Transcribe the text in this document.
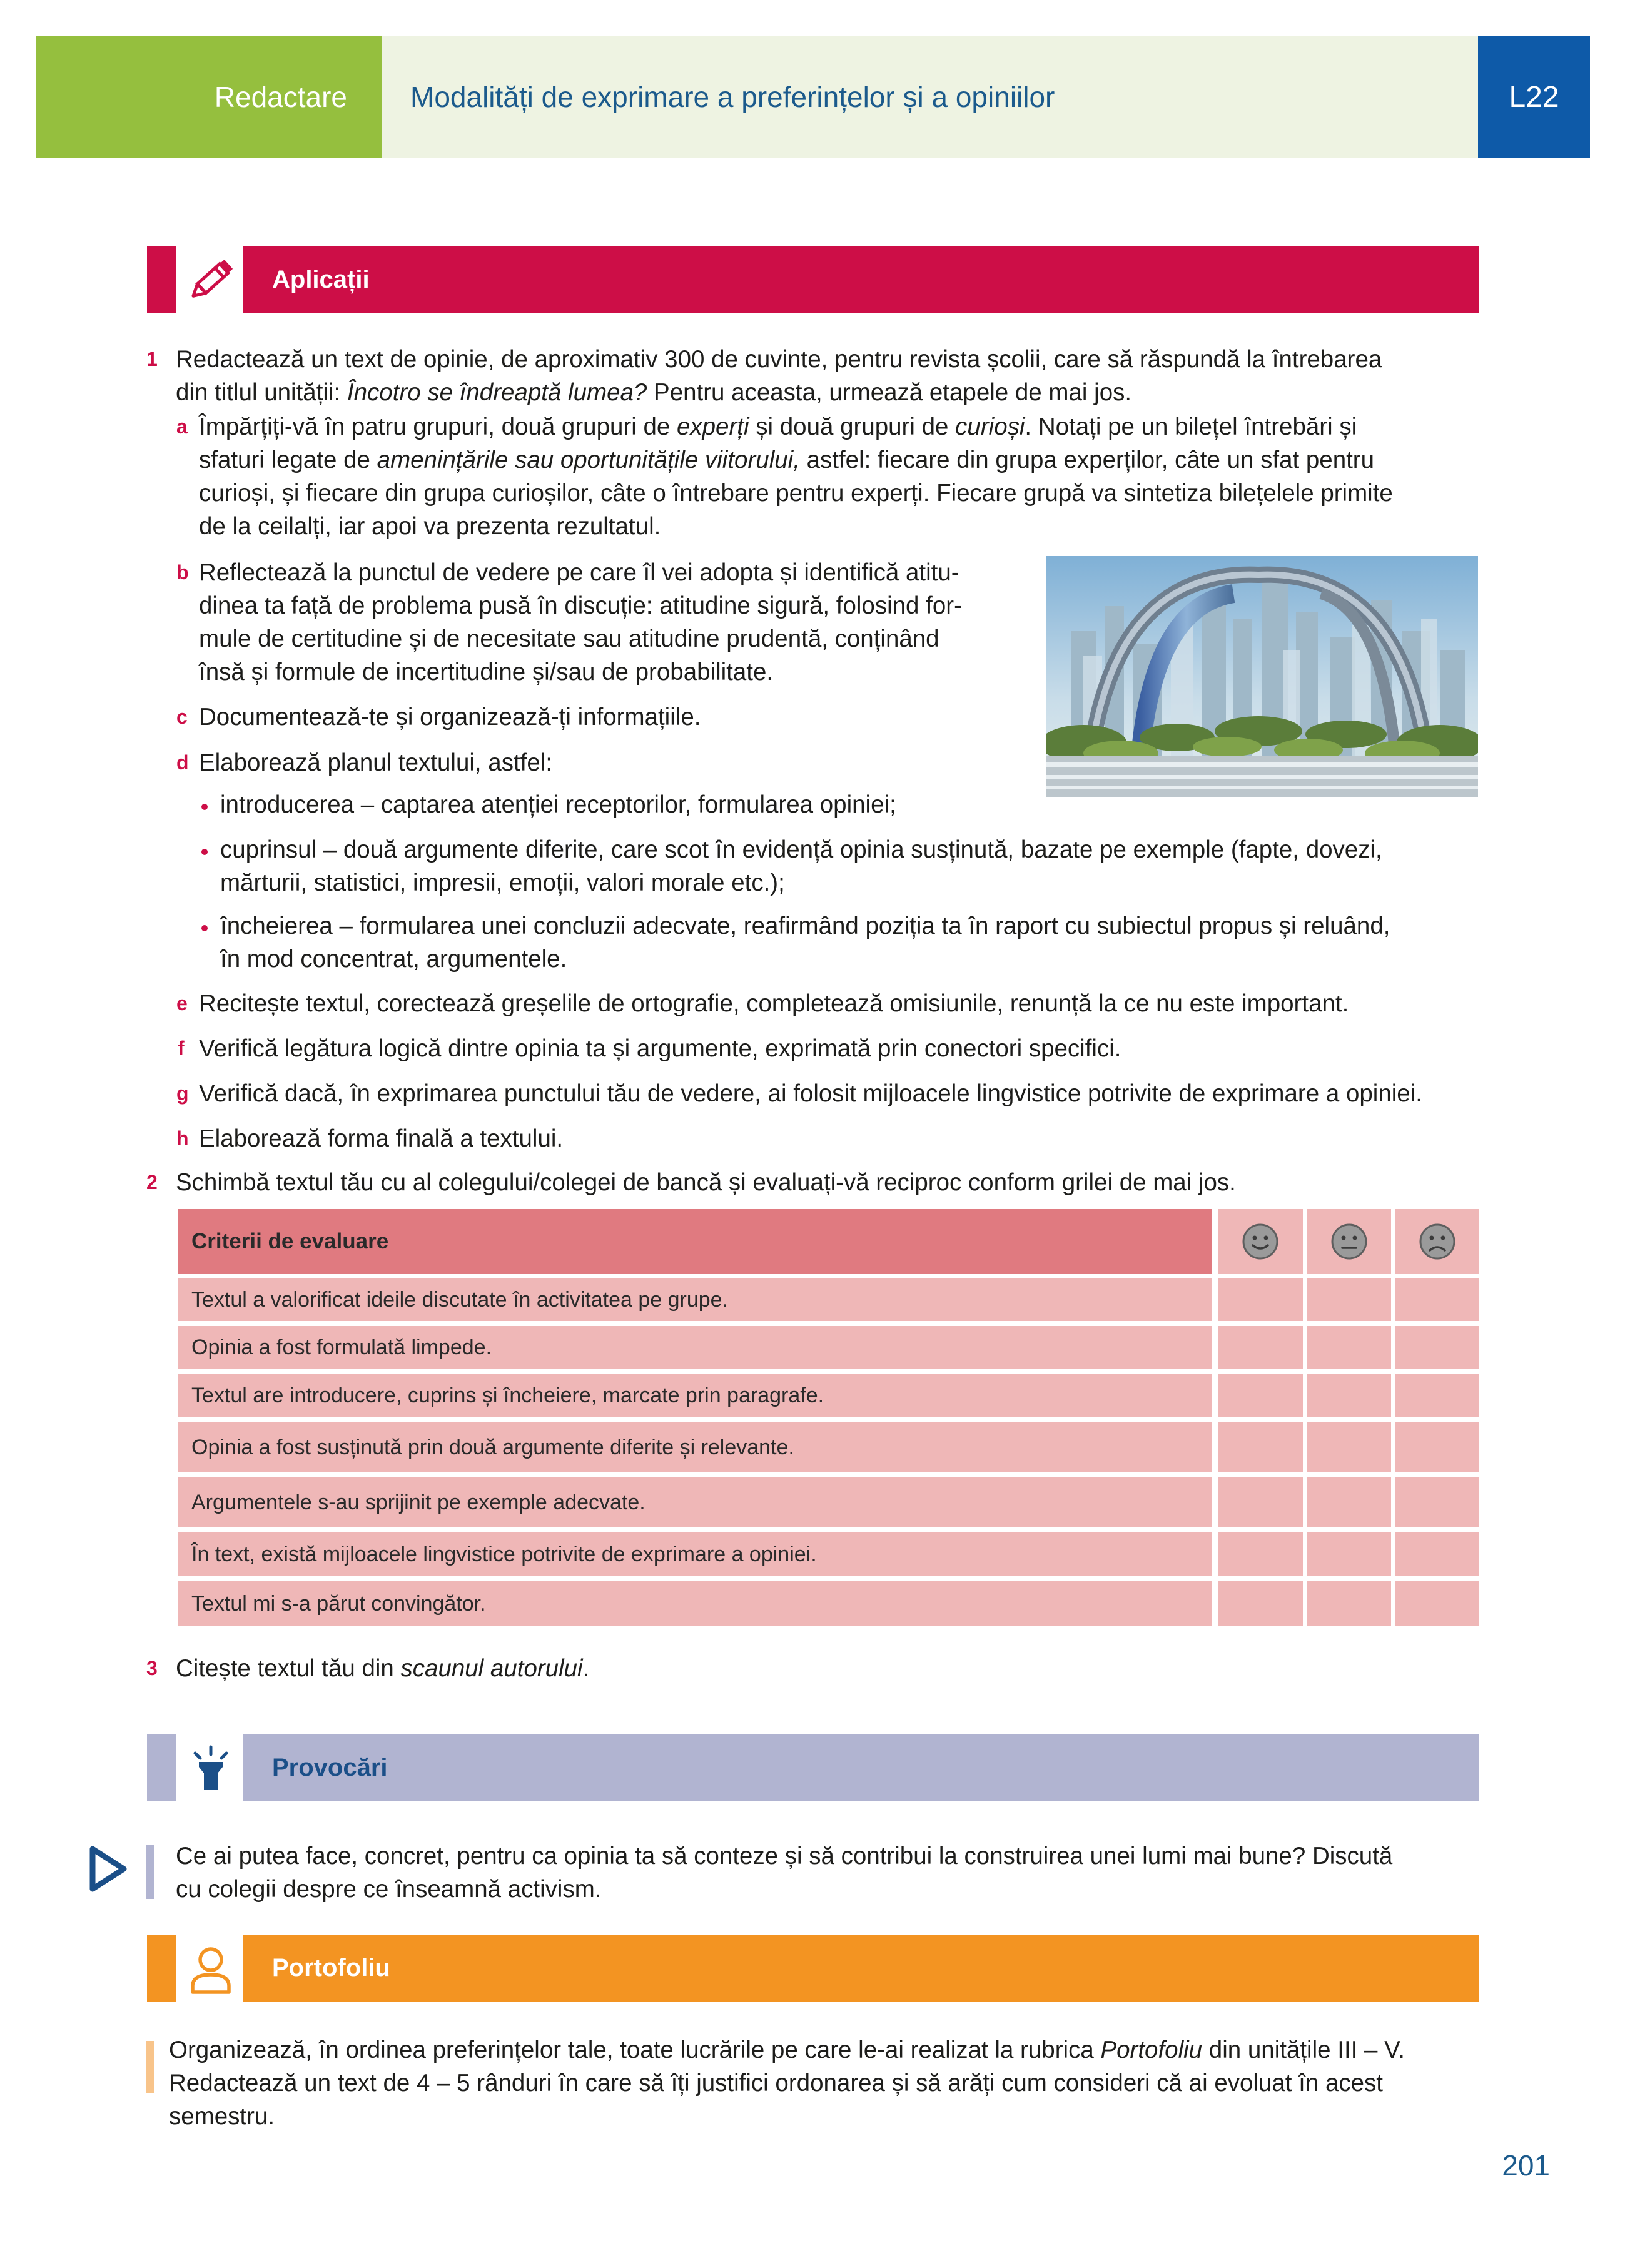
Redactare Modalități de exprimare a preferințelor și a opiniilor	L22
Aplicații
1 Redactează un text de opinie, de aproximativ 300 de cuvinte, pentru revista școlii, care să răspundă la întrebarea
din titlul unității: Încotro se îndreaptă lumea? Pentru aceasta, urmează etapele de mai jos.
a Împărțiți-vă în patru grupuri, două grupuri de experți și două grupuri de curioși. Notați pe un bilețel întrebări și
sfaturi legate de amenințările sau oportunitățile viitorului, astfel: fiecare din grupa experților, câte un sfat pentru
curioși, și fiecare din grupa curioșilor, câte o întrebare pentru experți. Fiecare grupă va sintetiza bilețelele primite
de la ceilalți, iar apoi va prezenta rezultatul.
b Reflectează la punctul de vedere pe care îl vei adopta și identifică atitu-
dinea ta față de problema pusă în discuție: atitudine sigură, folosind for-
mule de certitudine și de necesitate sau atitudine prudentă, conținând
însă și formule de incertitudine și/sau de probabilitate.
c Documentează-te și organizează-ți informațiile.
d Elaborează planul textului, astfel:
introducerea – captarea atenției receptorilor, formularea opiniei;
cuprinsul – două argumente diferite, care scot în evidență opinia susținută, bazate pe exemple (fapte, dovezi,
mărturii, statistici, impresii, emoții, valori morale etc.);
încheierea – formularea unei concluzii adecvate, reafirmând poziția ta în raport cu subiectul propus și reluând,
în mod concentrat, argumentele.
e Recitește textul, corectează greșelile de ortografie, completează omisiunile, renunță la ce nu este important.
f Verifică legătura logică dintre opinia ta și argumente, exprimată prin conectori specifici.
g Verifică dacă, în exprimarea punctului tău de vedere, ai folosit mijloacele lingvistice potrivite de exprimare a opiniei.
h Elaborează forma finală a textului.
2 Schimbă textul tău cu al colegului/colegei de bancă și evaluați-vă reciproc conform grilei de mai jos.
Criterii de evaluare
Textul a valorificat ideile discutate în activitatea pe grupe.
Opinia a fost formulată limpede.
Textul are introducere, cuprins și încheiere, marcate prin paragrafe.
Opinia a fost susținută prin două argumente diferite și relevante.
Argumentele s-au sprijinit pe exemple adecvate.
În text, există mijloacele lingvistice potrivite de exprimare a opiniei.
Textul mi s-a părut convingător.
3 Citește textul tău din scaunul autorului.
Provocări
Ce ai putea face, concret, pentru ca opinia ta să conteze și să contribui la construirea unei lumi mai bune? Discută
cu colegii despre ce înseamnă activism.
Portofoliu
Organizează, în ordinea preferințelor tale, toate lucrările pe care le-ai realizat la rubrica Portofoliu din unitățile III – V.
Redactează un text de 4 – 5 rânduri în care să îți justifici ordonarea și să arăți cum consideri că ai evoluat în acest
semestru.
201
